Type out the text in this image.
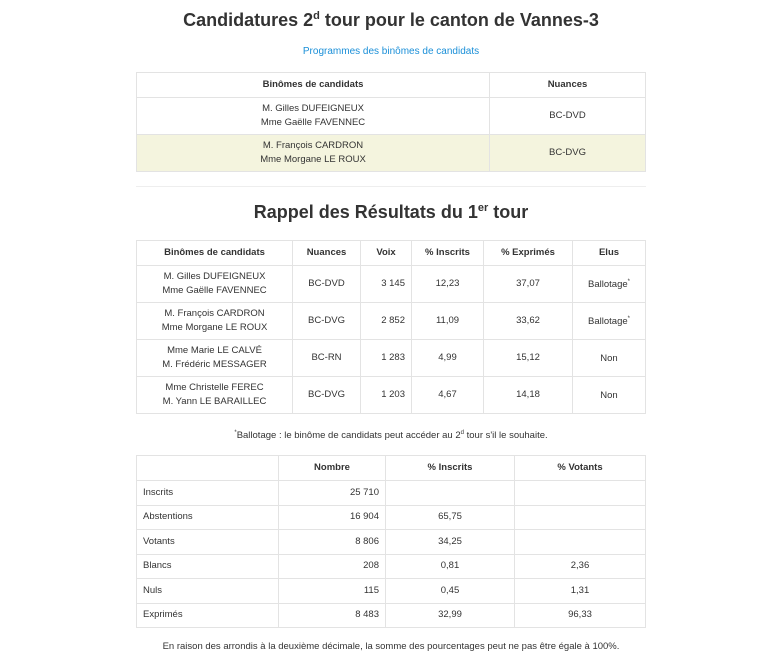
Candidatures 2$^d$ tour pour le canton de Vannes-3
Programmes des binômes de candidats
Binômes de candidats	Nuances
M. Gilles DUFEIGNEUX
Mme Gaëlle FAVENNEC	BC-DVD
M. François CARDRON
Mme Morgane LE ROUX	BC-DVG
Rappel des Résultats du 1er tour
Binômes de candidats	Nuances	Voix	% Inscrits	% Exprimés	Elus
M. Gilles DUFEIGNEUX
Mme Gaëlle FAVENNEC	BC-DVD	3 145	12,23	37,07	Ballotage*
M. François CARDRON
Mme Morgane LE ROUX	BC-DVG	2 852	11,09	33,62	Ballotage*
Mme Marie LE CALVÉ
M. Frédéric MESSAGER	BC-RN	1 283	4,99	15,12	Non
Mme Christelle FEREC
M. Yann LE BARAILLEC	BC-DVG	1 203	4,67	14,18	Non
*Ballotage : le binôme de candidats peut accéder au 2$^d$ tour s'il le souhaite.
	Nombre	% Inscrits	% Votants
Inscrits	25 710		
Abstentions	16 904	65,75	
Votants	8 806	34,25	
Blancs	208	0,81	2,36
Nuls	115	0,45	1,31
Exprimés	8 483	32,99	96,33
En raison des arrondis à la deuxième décimale, la somme des pourcentages peut ne pas être égale à 100%.
